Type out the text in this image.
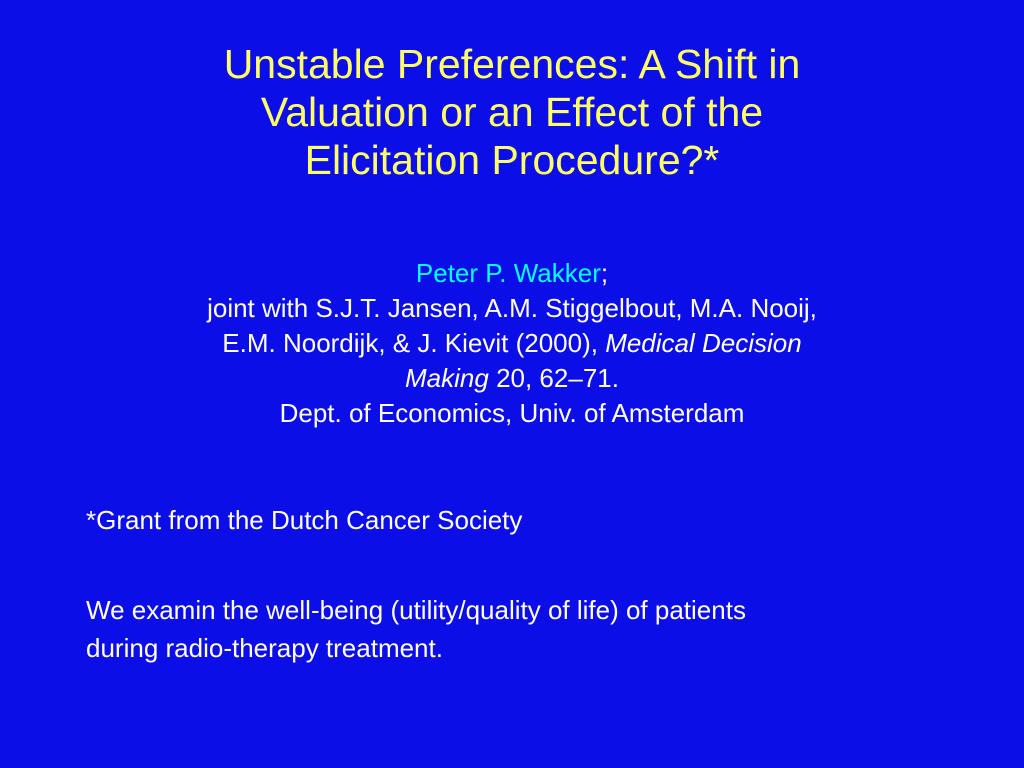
Unstable Preferences: A Shift in
Valuation or an Effect of the
Elicitation Procedure?*
Peter P. Wakker;
joint with S.J.T. Jansen, A.M. Stiggelbout, M.A. Nooij,
E.M. Noordijk, & J. Kievit (2000), Medical Decision
Making 20, 62–71.
Dept. of Economics, Univ. of Amsterdam
*Grant from the Dutch Cancer Society
We examin the well-being (utility/quality of life) of patients
during radio-therapy treatment.
